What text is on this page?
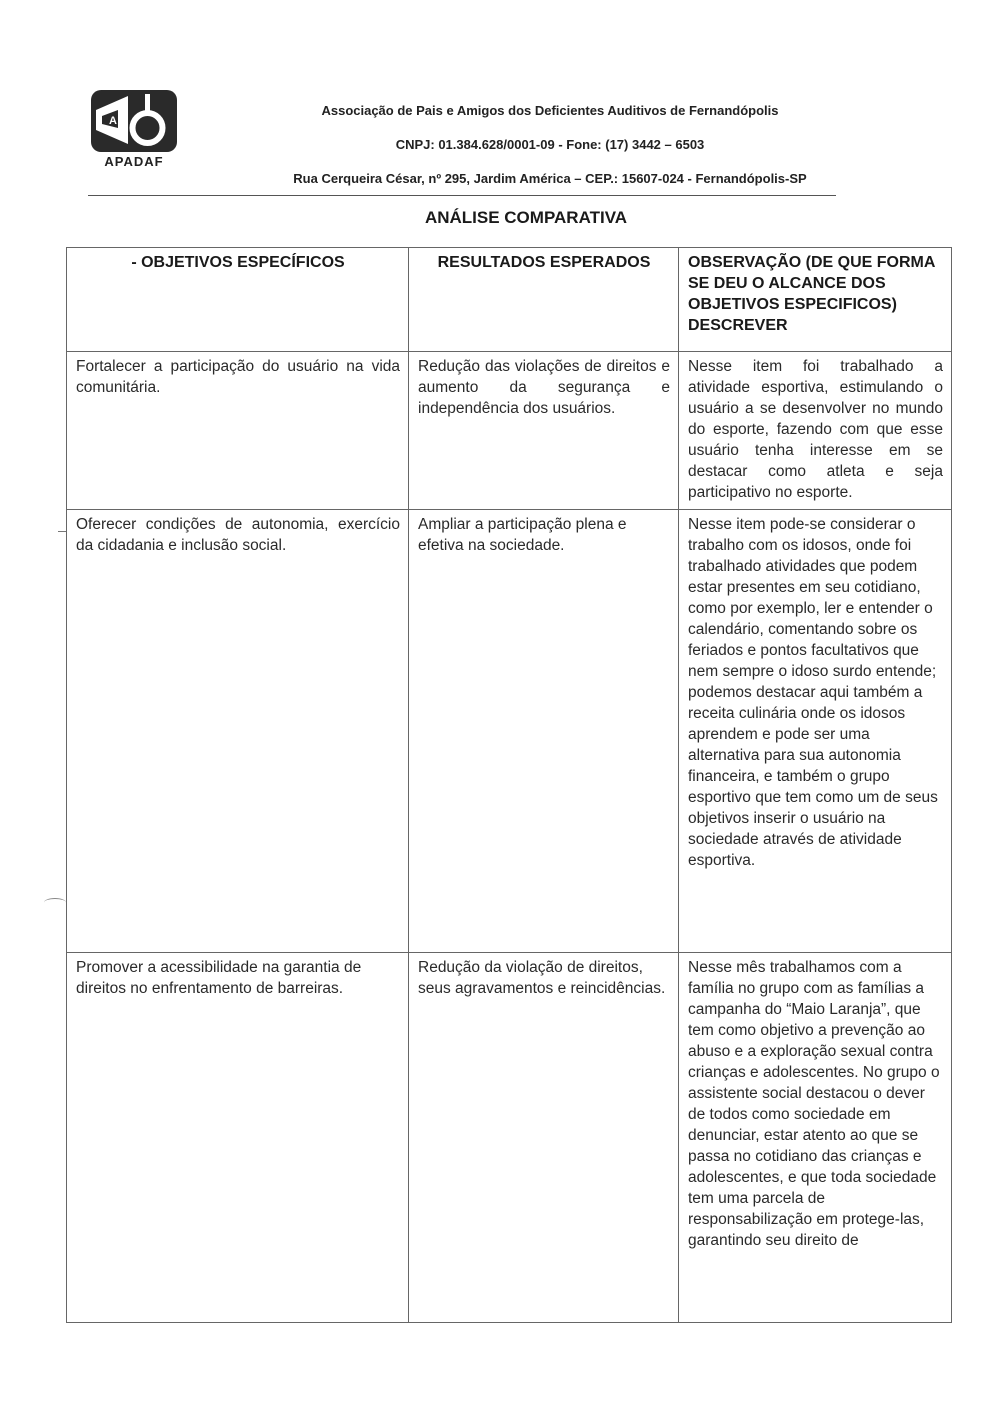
A
APADAF
Associação de Pais e Amigos dos Deficientes Auditivos de Fernandópolis
CNPJ: 01.384.628/0001-09 - Fone: (17) 3442 – 6503
Rua Cerqueira César, nº 295, Jardim América – CEP.: 15607-024 - Fernandópolis-SP
ANÁLISE COMPARATIVA
- OBJETIVOS ESPECÍFICOS	RESULTADOS ESPERADOS	OBSERVAÇÃO (DE QUE FORMA SE DEU O ALCANCE DOS OBJETIVOS ESPECIFICOS) DESCREVER
Fortalecer a participação do usuário na vida comunitária.	Redução das violações de direitos e aumento da segurança e independência dos usuários.	Nesse item foi trabalhado a atividade esportiva, estimulando o usuário a se desenvolver no mundo do esporte, fazendo com que esse usuário tenha interesse em se destacar como atleta e seja participativo no esporte.
Oferecer condições de autonomia, exercício da cidadania e inclusão social.	Ampliar a participação plena e efetiva na sociedade.	Nesse item pode-se considerar o trabalho com os idosos, onde foi trabalhado atividades que podem estar presentes em seu cotidiano, como por exemplo, ler e entender o calendário, comentando sobre os feriados e pontos facultativos que nem sempre o idoso surdo entende; podemos destacar aqui também a receita culinária onde os idosos aprendem e pode ser uma alternativa para sua autonomia financeira, e também o grupo esportivo que tem como um de seus objetivos inserir o usuário na sociedade através de atividade esportiva.
Promover a acessibilidade na garantia de direitos no enfrentamento de barreiras.	Redução da violação de direitos, seus agravamentos e reincidências.	Nesse mês trabalhamos com a família no grupo com as famílias a campanha do “Maio Laranja”, que tem como objetivo a prevenção ao abuso e a exploração sexual contra crianças e adolescentes. No grupo o assistente social destacou o dever de todos como sociedade em denunciar, estar atento ao que se passa no cotidiano das crianças e adolescentes, e que toda sociedade tem uma parcela de responsabilização em protege-las, garantindo seu direito de
